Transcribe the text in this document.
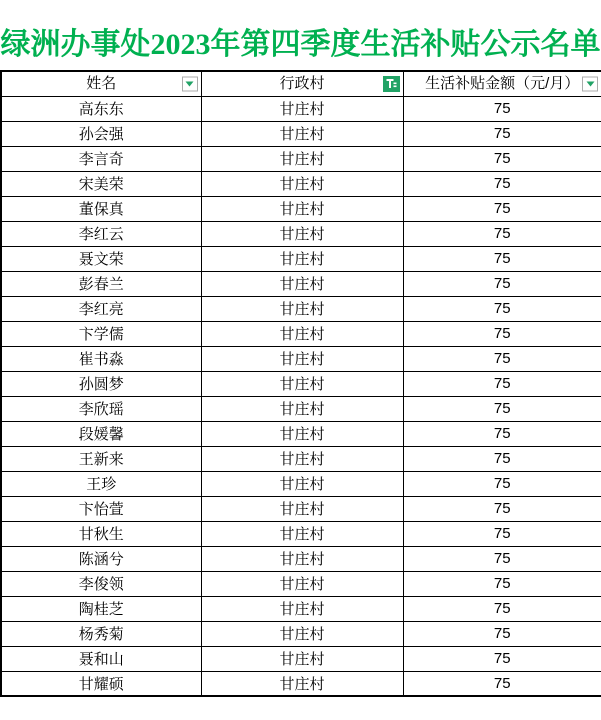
绿洲办事处2023年第四季度生活补贴公示名单
姓名	行政村	生活补贴金额（元/月）

高东东	甘庄村	75
孙会强	甘庄村	75
李言奇	甘庄村	75
宋美荣	甘庄村	75
董保真	甘庄村	75
李红云	甘庄村	75
聂文荣	甘庄村	75
彭春兰	甘庄村	75
李红亮	甘庄村	75
卞学儒	甘庄村	75
崔书淼	甘庄村	75
孙圆梦	甘庄村	75
李欣瑶	甘庄村	75
段媛馨	甘庄村	75
王新来	甘庄村	75
王珍	甘庄村	75
卞怡萱	甘庄村	75
甘秋生	甘庄村	75
陈涵兮	甘庄村	75
李俊领	甘庄村	75
陶桂芝	甘庄村	75
杨秀菊	甘庄村	75
聂和山	甘庄村	75
甘耀硕	甘庄村	75
